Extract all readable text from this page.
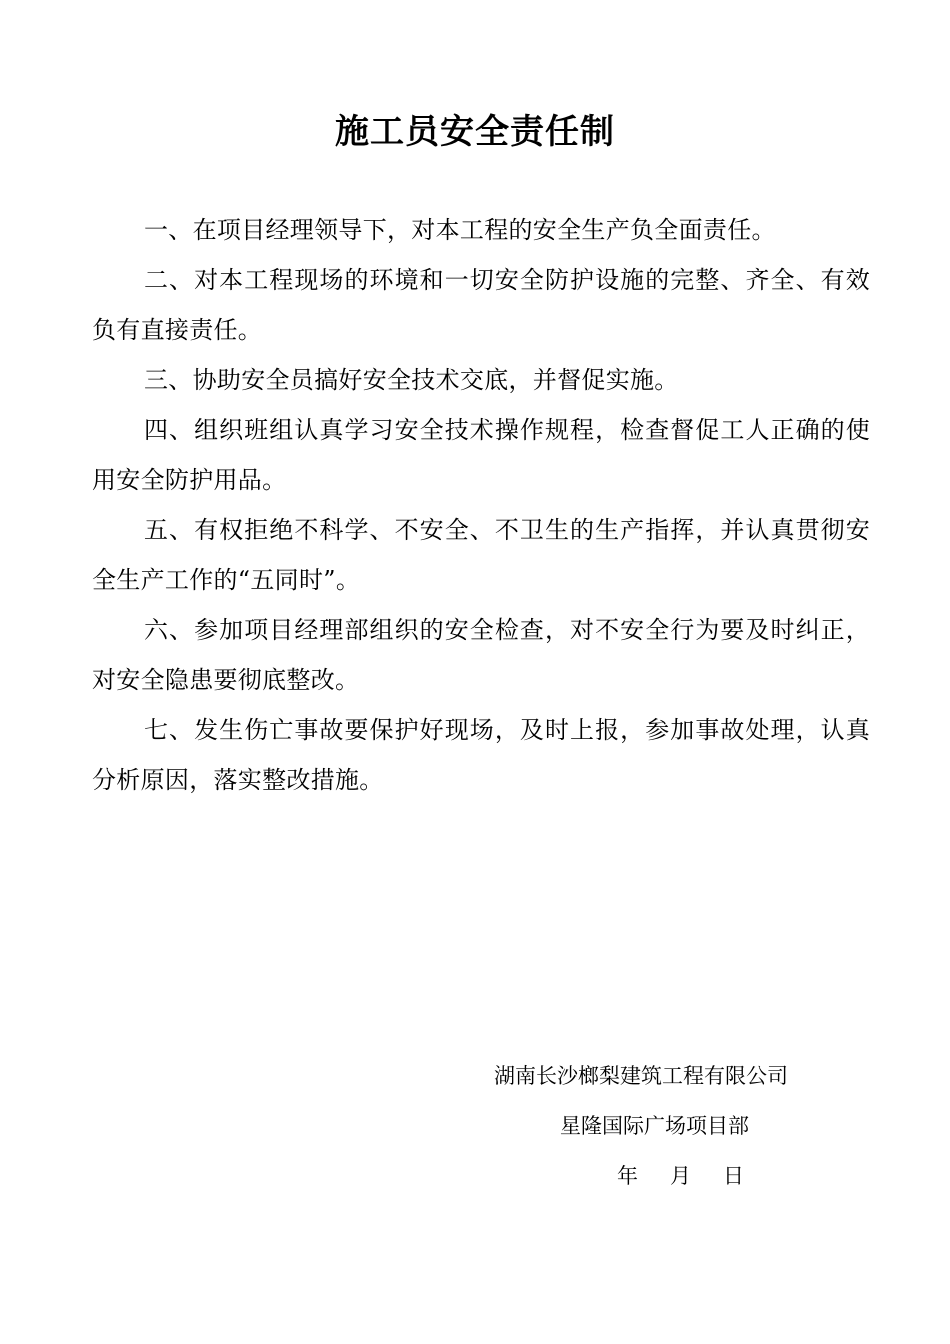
施工员安全责任制

一、在项目经理领导下，对本工程的安全生产负全面责任。

二、对本工程现场的环境和一切安全防护设施的完整、齐全、有效负有直接责任。

三、协助安全员搞好安全技术交底，并督促实施。

四、组织班组认真学习安全技术操作规程，检查督促工人正确的使用安全防护用品。

五、有权拒绝不科学、不安全、不卫生的生产指挥，并认真贯彻安全生产工作的“五同时”。

六、参加项目经理部组织的安全检查，对不安全行为要及时纠正，对安全隐患要彻底整改。

七、发生伤亡事故要保护好现场，及时上报，参加事故处理，认真分析原因，落实整改措施。

湖南长沙榔梨建筑工程有限公司
星隆国际广场项目部
年 月 日
